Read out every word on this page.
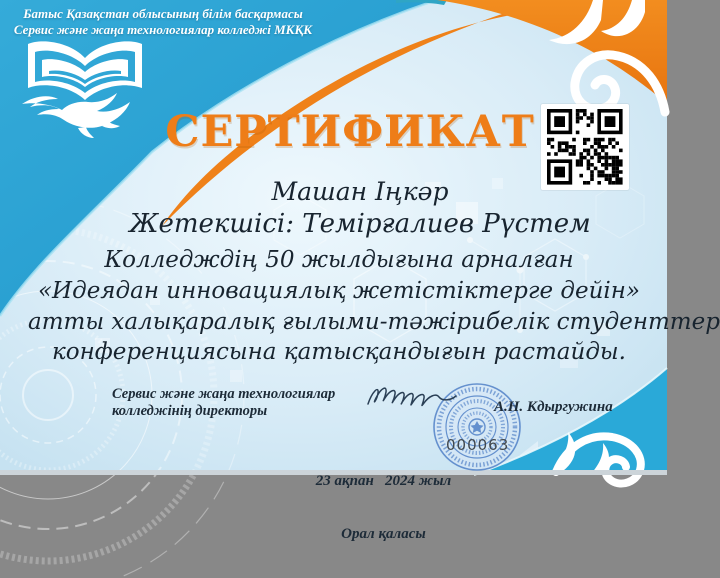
Батыс Қазақстан облысының білім басқармасы
Сервис және жаңа технологиялар колледжі МКҚК
СЕРТИФИКАТ
Машан Іңкәр
Жетекшісі: Темірғалиев Рүстем
Колледждің 50 жылдығына арналған
«Идеядан инновациялық жетістіктерге дейін»
атты халықаралық ғылыми-тәжірибелік студенттер
конференциясына қатысқандығын растайды.
Сервис және жаңа технологиялар
колледжінің директоры	А.Н. Кдыргужина
000063

23 ақпан   2024 жыл

Орал қаласы
